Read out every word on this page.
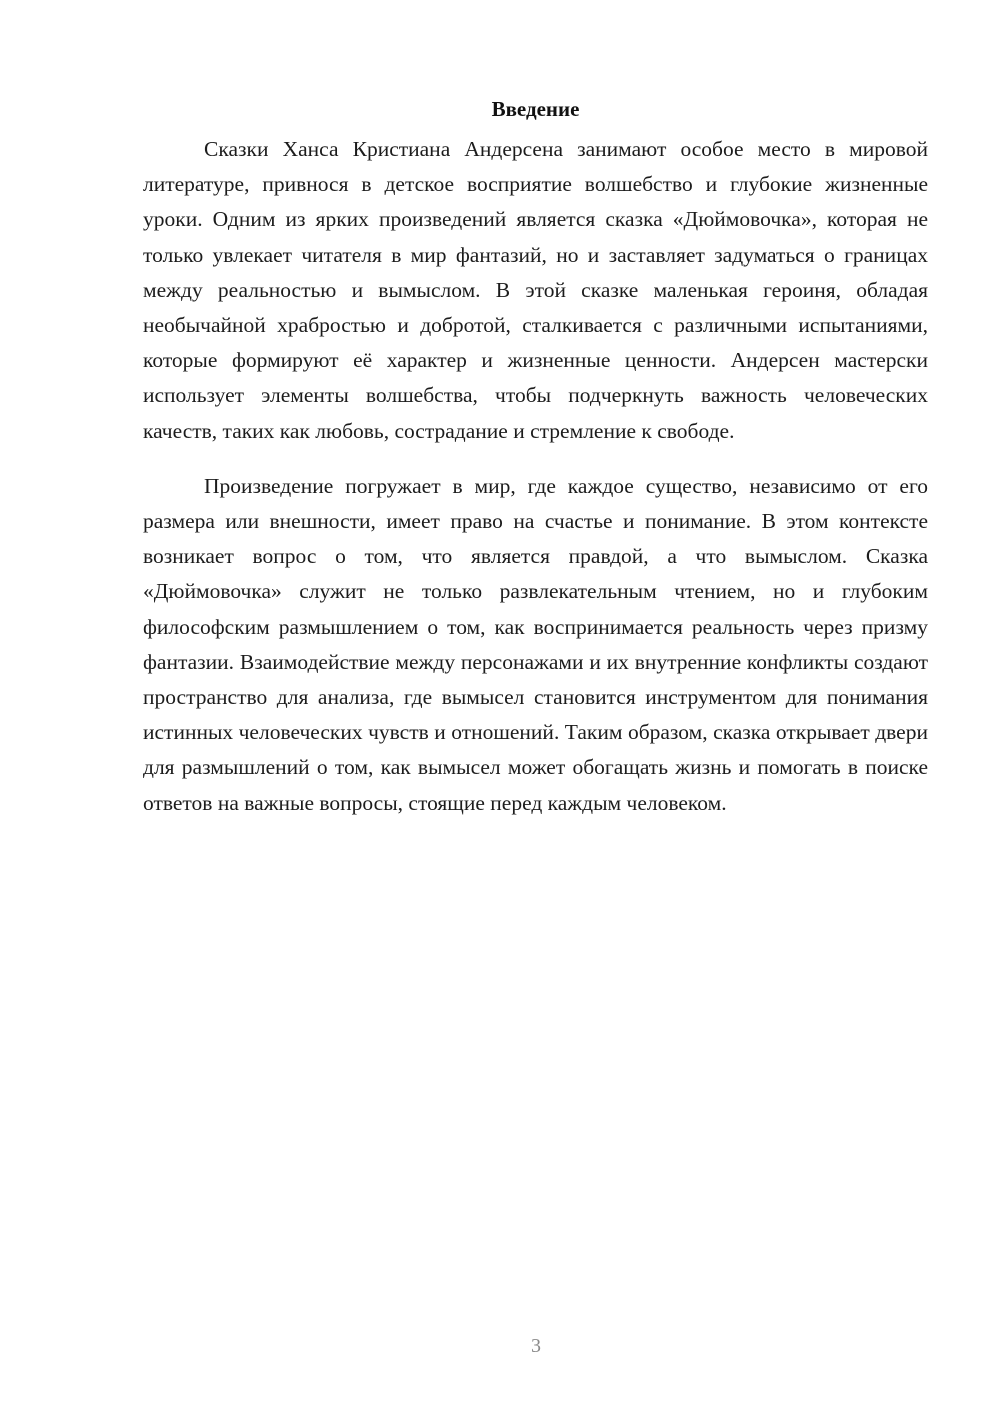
Введение

Сказки Ханса Кристиана Андерсена занимают особое место в мировой литературе, привнося в детское восприятие волшебство и глубокие жизненные уроки. Одним из ярких произведений является сказка «Дюймовочка», которая не только увлекает читателя в мир фантазий, но и заставляет задуматься о границах между реальностью и вымыслом. В этой сказке маленькая героиня, обладая необычайной храбростью и добротой, сталкивается с различными испытаниями, которые формируют её характер и жизненные ценности. Андерсен мастерски использует элементы волшебства, чтобы подчеркнуть важность человеческих качеств, таких как любовь, сострадание и стремление к свободе.

Произведение погружает в мир, где каждое существо, независимо от его размера или внешности, имеет право на счастье и понимание. В этом контексте возникает вопрос о том, что является правдой, а что вымыслом. Сказка «Дюймовочка» служит не только развлекательным чтением, но и глубоким философским размышлением о том, как воспринимается реальность через призму фантазии. Взаимодействие между персонажами и их внутренние конфликты создают пространство для анализа, где вымысел становится инструментом для понимания истинных человеческих чувств и отношений. Таким образом, сказка открывает двери для размышлений о том, как вымысел может обогащать жизнь и помогать в поиске ответов на важные вопросы, стоящие перед каждым человеком.

3
